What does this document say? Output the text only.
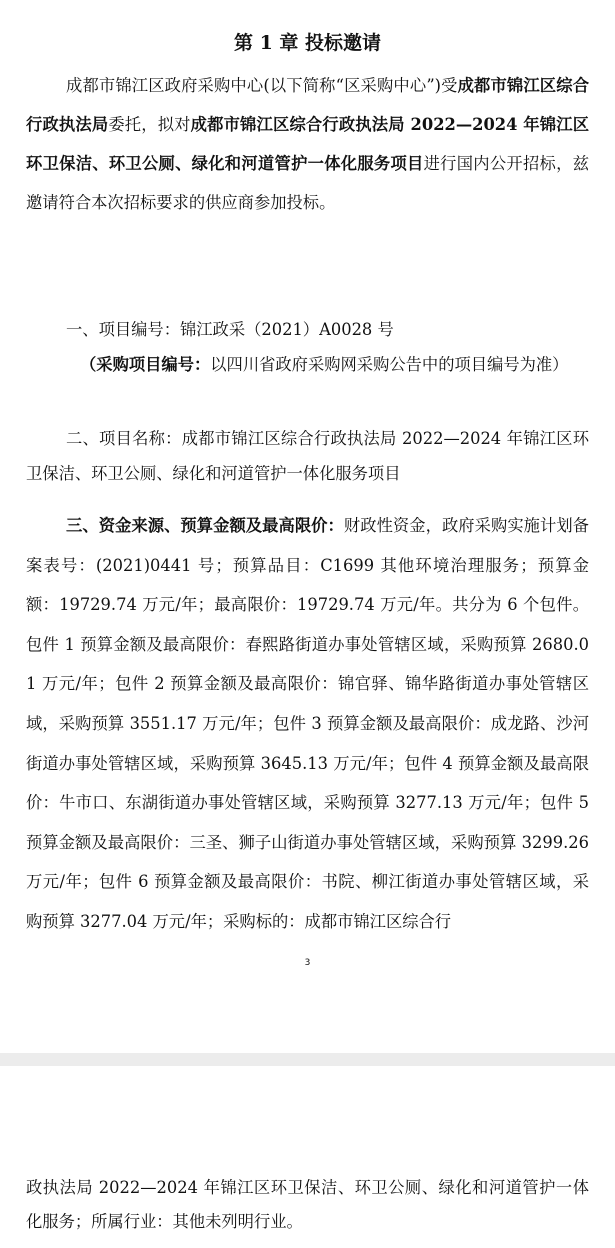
第 1 章 投标邀请

成都市锦江区政府采购中心(以下简称“区采购中心”)受成都市锦江区综合行政执法局委托，拟对成都市锦江区综合行政执法局 2022—2024 年锦江区环卫保洁、环卫公厕、绿化和河道管护一体化服务项目进行国内公开招标，兹邀请符合本次招标要求的供应商参加投标。

一、项目编号：锦江政采（2021）A0028 号

（采购项目编号：以四川省政府采购网采购公告中的项目编号为准）

二、项目名称：成都市锦江区综合行政执法局 2022—2024 年锦江区环卫保洁、环卫公厕、绿化和河道管护一体化服务项目

三、资金来源、预算金额及最高限价：财政性资金，政府采购实施计划备案表号：(2021)0441 号；预算品目：C1699 其他环境治理服务；预算金额：19729.74 万元/年；最高限价：19729.74 万元/年。共分为 6 个包件。包件 1 预算金额及最高限价：春熙路街道办事处管辖区域，采购预算 2680.01 万元/年；包件 2 预算金额及最高限价：锦官驿、锦华路街道办事处管辖区域，采购预算 3551.17 万元/年；包件 3 预算金额及最高限价：成龙路、沙河街道办事处管辖区域，采购预算 3645.13 万元/年；包件 4 预算金额及最高限价：牛市口、东湖街道办事处管辖区域，采购预算 3277.13 万元/年；包件 5 预算金额及最高限价：三圣、狮子山街道办事处管辖区域，采购预算 3299.26 万元/年；包件 6 预算金额及最高限价：书院、柳江街道办事处管辖区域，采购预算 3277.04 万元/年；采购标的：成都市锦江区综合行

3

政执法局 2022—2024 年锦江区环卫保洁、环卫公厕、绿化和河道管护一体化服务；所属行业：其他未列明行业。
